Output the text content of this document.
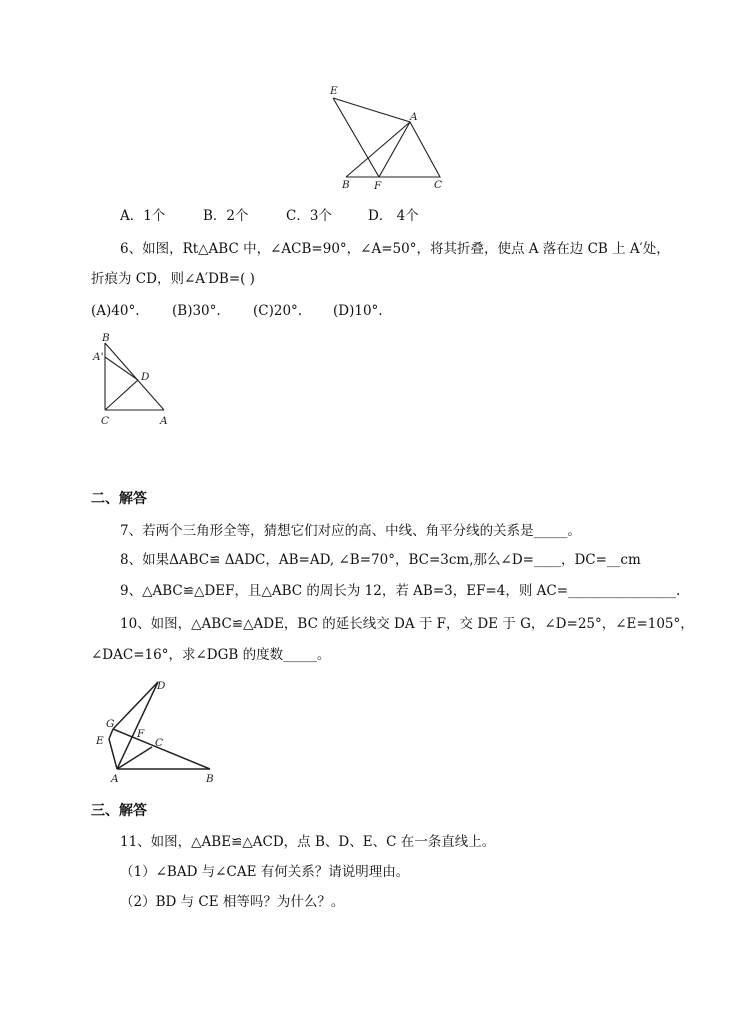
E
A
B F	C
A．1个	B．2个	C．3个	D． 4个
6、如图，Rt△ABC 中，∠ACB=90°，∠A=50°，将其折叠，使点 A 落在边 CB 上 A′处，
折痕为 CD，则∠A′DB=( )
(A)40°. (B)30°. (C)20°. (D)10°.
B
A'
D
C	A
二、解答
7、若两个三角形全等，猜想它们对应的高、中线、角平分线的关系是_____。
8、如果ΔABC≌ ΔADC，AB=AD, ∠B=70°，BC=3cm,那么∠D=____，DC=__cm
9、△ABC≌△DEF，且△ABC 的周长为 12，若 AB=3，EF=4，则 AC=________________.
10、如图，△ABC≌△ADE，BC 的延长线交 DA 于 F，交 DE 于 G，∠D=25°，∠E=105°，
∠DAC=16°，求∠DGB 的度数_____。
D
G
F
E	C
A	B
三、解答
11、如图，△ABE≌△ACD，点 B、D、E、C 在一条直线上。
（1）∠BAD 与∠CAE 有何关系？请说明理由。
（2）BD 与 CE 相等吗？为什么？。
